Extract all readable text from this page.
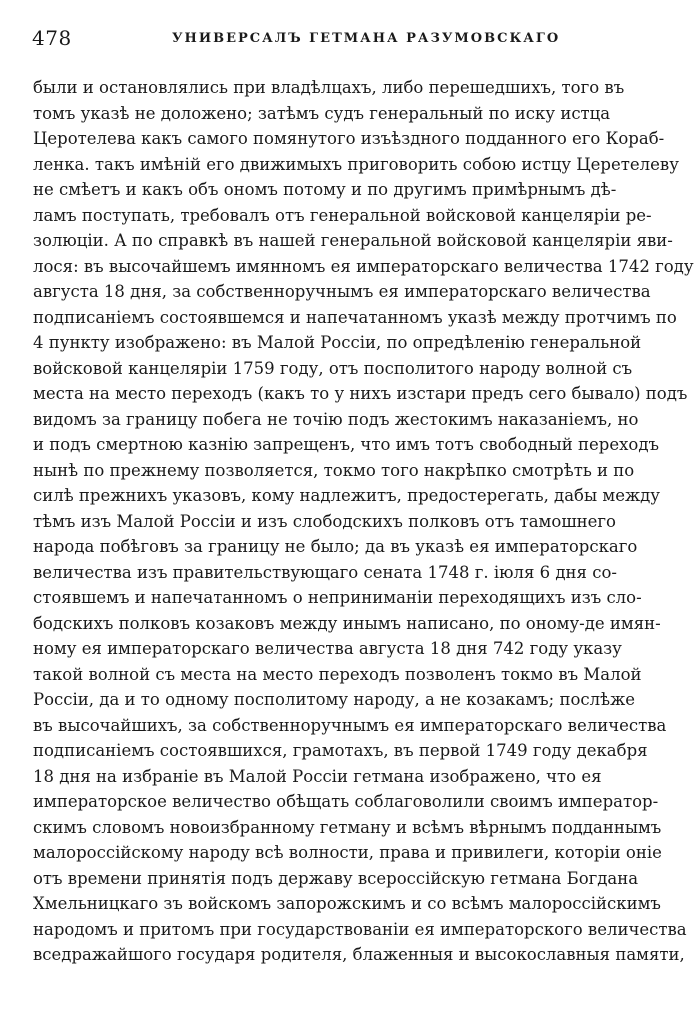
478	УНИВЕРСАЛЪ ГЕТМАНА РАЗУМОВСКАГО
были и остановлялись при владѣлцахъ, либо перешедшихъ, того въ
томъ указѣ не доложено; затѣмъ судъ генеральный по иску истца
Церотелева какъ самого помянутого изъѣздного подданного его Кораб-
ленка. такъ имѣній его движимыхъ приговорить собою истцу Церетелеву
не смѣетъ и какъ объ ономъ потому и по другимъ примѣрнымъ дѣ-
ламъ поступать, требовалъ отъ генеральной войсковой канцеляріи ре-
золюціи. А по справкѣ въ нашей генеральной войсковой канцеляріи яви-
лося: въ высочайшемъ имянномъ ея императорскаго величества 1742 году
августа 18 дня, за собственноручнымъ ея императорскаго величества
подписаніемъ состоявшемся и напечатанномъ указѣ между протчимъ по
4 пункту изображено: въ Малой Россіи, по опредѣленію генеральной
войсковой канцеляріи 1759 году, отъ посполитого народу волной съ
места на место переходъ (какъ то у нихъ изстари предъ сего бывало) подъ
видомъ за границу побега не точію подъ жестокимъ наказаніемъ, но
и подъ смертною казнію запрещенъ, что имъ тотъ свободный переходъ
нынѣ по прежнему позволяется, токмо того накрѣпко смотрѣть и по
силѣ прежнихъ указовъ, кому надлежитъ, предостерегать, дабы между
тѣмъ изъ Малой Россіи и изъ слободскихъ полковъ отъ тамошнего
народа побѣговъ за границу не было; да въ указѣ ея императорскаго
величества изъ правительствующаго сената 1748 г. іюля 6 дня со-
стоявшемъ и напечатанномъ о неприниманіи переходящихъ изъ сло-
бодскихъ полковъ козаковъ между инымъ написано, по оному-де имян-
ному ея императорскаго величества августа 18 дня 742 году указу
такой волной съ места на место переходъ позволенъ токмо въ Малой
Россіи, да и то одному посполитому народу, а не козакамъ; послѣже
въ высочайшихъ, за собственноручнымъ ея императорскаго величества
подписаніемъ состоявшихся, грамотахъ, въ первой 1749 году декабря
18 дня на избраніе въ Малой Россіи гетмана изображено, что ея
императорское величество обѣщать соблаговолили своимъ император-
скимъ словомъ новоизбранному гетману и всѣмъ вѣрнымъ подданнымъ
малороссійскому народу всѣ волности, права и привилеги, которіи оніе
отъ времени принятія подъ державу всероссійскую гетмана Богдана
Хмельницкаго зъ войскомъ запорожскимъ и со всѣмъ малороссійскимъ
народомъ и притомъ при государствованіи ея императорского величества
вседражайшого государя родителя, блаженныя и высокославныя памяти,
